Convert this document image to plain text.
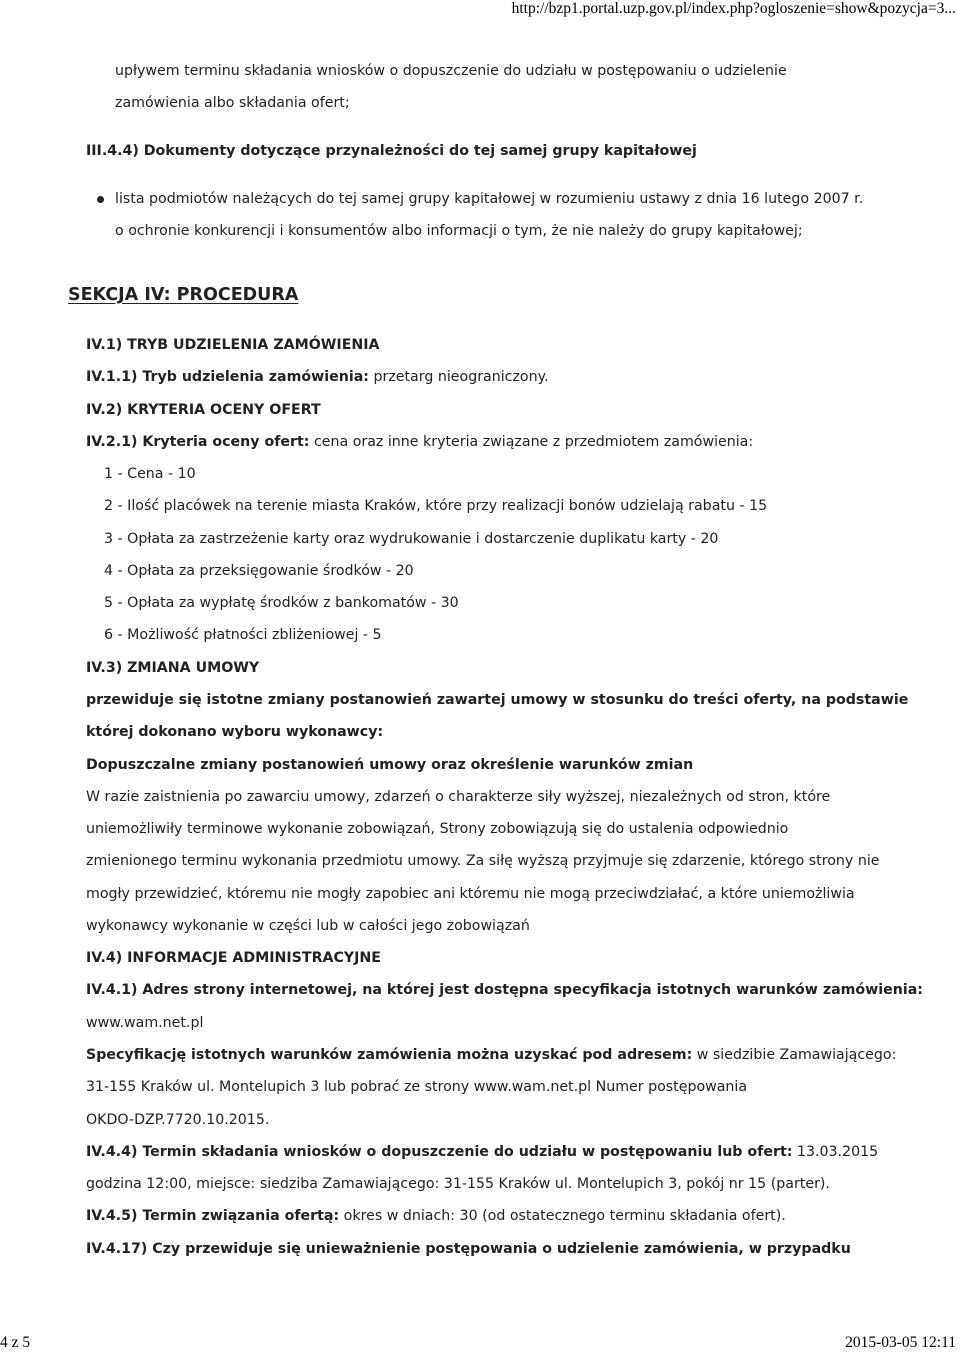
http://bzp1.portal.uzp.gov.pl/index.php?ogloszenie=show&pozycja=3...
upływem terminu składania wniosków o dopuszczenie do udziału w postępowaniu o udzielenie
zamówienia albo składania ofert;
III.4.4) Dokumenty dotyczące przynależności do tej samej grupy kapitałowej
lista podmiotów należących do tej samej grupy kapitałowej w rozumieniu ustawy z dnia 16 lutego 2007 r.
o ochronie konkurencji i konsumentów albo informacji o tym, że nie należy do grupy kapitałowej;
SEKCJA IV: PROCEDURA
IV.1) TRYB UDZIELENIA ZAMÓWIENIA
IV.1.1) Tryb udzielenia zamówienia: przetarg nieograniczony.
IV.2) KRYTERIA OCENY OFERT
IV.2.1) Kryteria oceny ofert: cena oraz inne kryteria związane z przedmiotem zamówienia:
1 - Cena - 10
2 - Ilość placówek na terenie miasta Kraków, które przy realizacji bonów udzielają rabatu - 15
3 - Opłata za zastrzeżenie karty oraz wydrukowanie i dostarczenie duplikatu karty - 20
4 - Opłata za przeksięgowanie środków - 20
5 - Opłata za wypłatę środków z bankomatów - 30
6 - Możliwość płatności zbliżeniowej - 5
IV.3) ZMIANA UMOWY
przewiduje się istotne zmiany postanowień zawartej umowy w stosunku do treści oferty, na podstawie
której dokonano wyboru wykonawcy:
Dopuszczalne zmiany postanowień umowy oraz określenie warunków zmian
W razie zaistnienia po zawarciu umowy, zdarzeń o charakterze siły wyższej, niezależnych od stron, które
uniemożliwiły terminowe wykonanie zobowiązań, Strony zobowiązują się do ustalenia odpowiednio
zmienionego terminu wykonania przedmiotu umowy. Za siłę wyższą przyjmuje się zdarzenie, którego strony nie
mogły przewidzieć, któremu nie mogły zapobiec ani któremu nie mogą przeciwdziałać, a które uniemożliwia
wykonawcy wykonanie w części lub w całości jego zobowiązań
IV.4) INFORMACJE ADMINISTRACYJNE
IV.4.1) Adres strony internetowej, na której jest dostępna specyfikacja istotnych warunków zamówienia:
www.wam.net.pl
Specyfikację istotnych warunków zamówienia można uzyskać pod adresem: w siedzibie Zamawiającego:
31-155 Kraków ul. Montelupich 3 lub pobrać ze strony www.wam.net.pl Numer postępowania
OKDO-DZP.7720.10.2015.
IV.4.4) Termin składania wniosków o dopuszczenie do udziału w postępowaniu lub ofert: 13.03.2015
godzina 12:00, miejsce: siedziba Zamawiającego: 31-155 Kraków ul. Montelupich 3, pokój nr 15 (parter).
IV.4.5) Termin związania ofertą: okres w dniach: 30 (od ostatecznego terminu składania ofert).
IV.4.17) Czy przewiduje się unieważnienie postępowania o udzielenie zamówienia, w przypadku
4 z 5	2015-03-05 12:11
